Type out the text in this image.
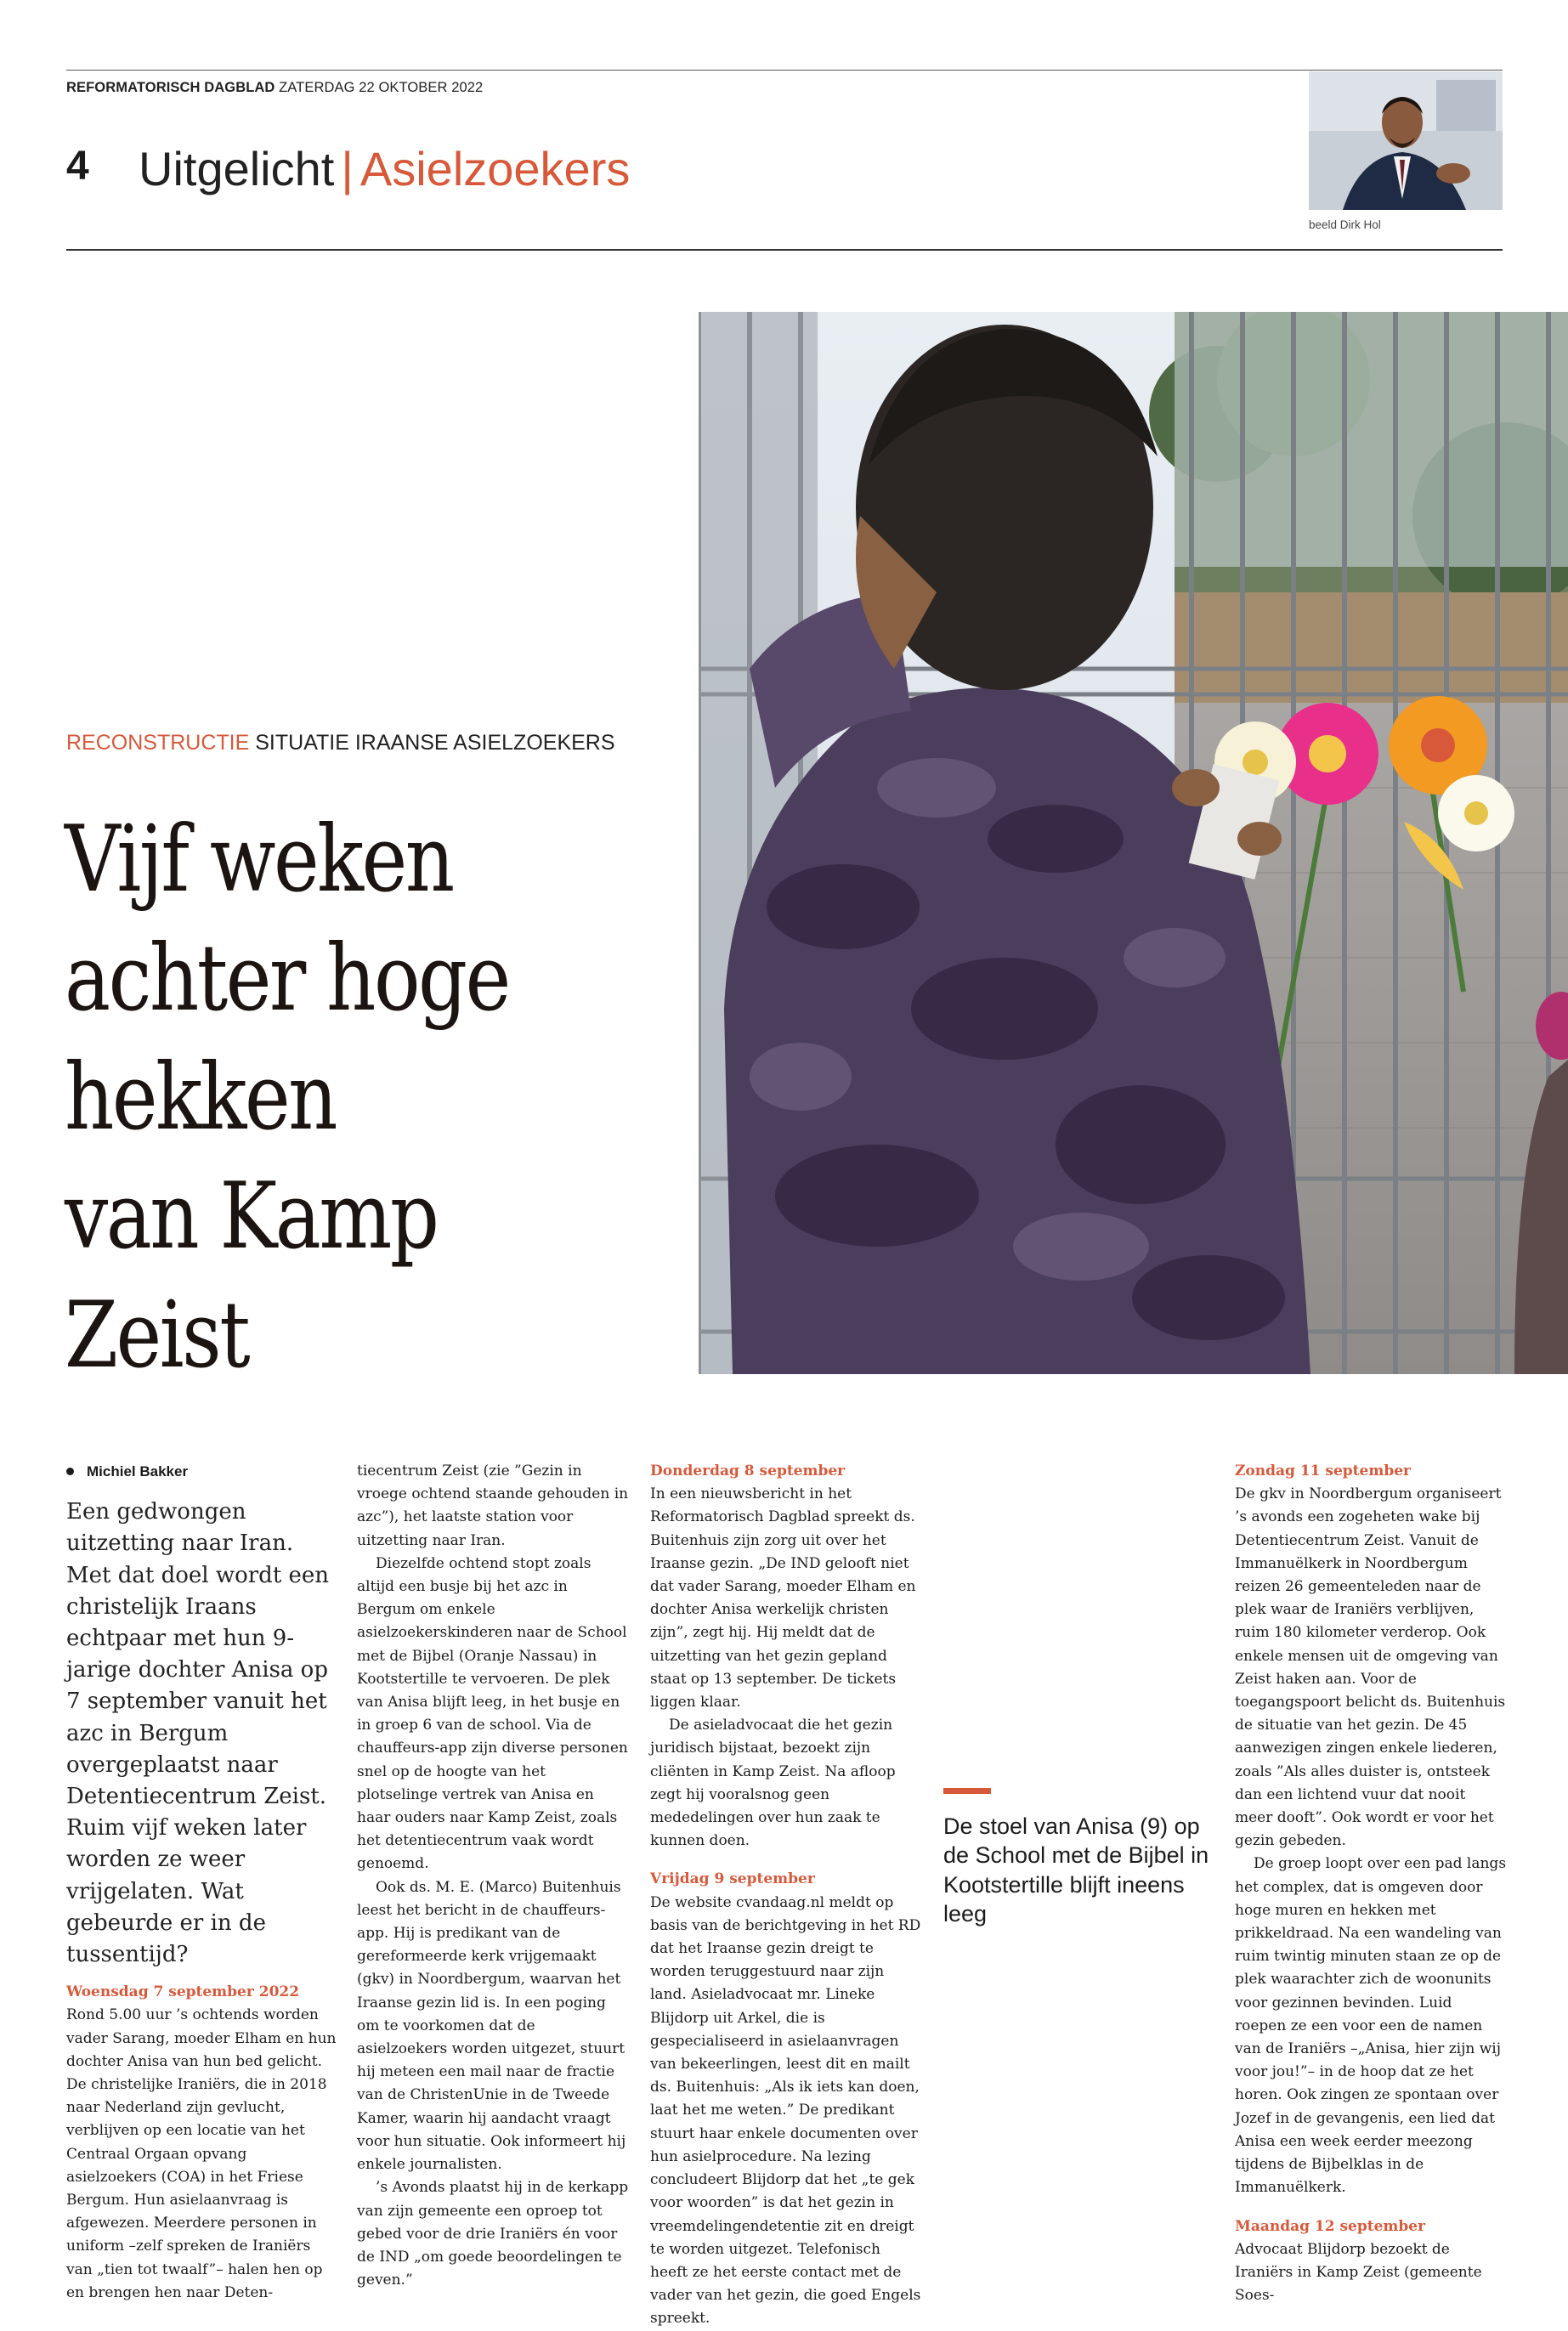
REFORMATORISCH DAGBLAD ZATERDAG 22 OKTOBER 2022
4 Uitgelicht | Asielzoekers
beeld Dirk Hol
RECONSTRUCTIE SITUATIE IRAANSE ASIELZOEKERS
Vijf weken
achter hoge
hekken
van Kamp
Zeist
Michiel Bakker

Een gedwongen uitzetting naar Iran. Met dat doel wordt een christelijk Iraans echtpaar met hun 9-jarige dochter Anisa op 7 september vanuit het azc in Bergum overgeplaatst naar Detentiecentrum Zeist. Ruim vijf weken later worden ze weer vrijgelaten. Wat gebeurde er in de tussentijd?

Woensdag 7 september 2022

Rond 5.00 uur ’s ochtends worden vader Sarang, moeder Elham en hun dochter Anisa van hun bed gelicht. De christelijke Iraniërs, die in 2018 naar Nederland zijn gevlucht, verblijven op een locatie van het Centraal Orgaan opvang asielzoekers (COA) in het Friese Bergum. Hun asielaanvraag is afgewezen. Meerdere personen in uniform –zelf spreken de Iraniërs van „tien tot twaalf”– halen hen op en brengen hen naar Deten-

tiecentrum Zeist (zie ”Gezin in vroege ochtend staande gehouden in azc”), het laatste station voor uitzetting naar Iran.

Diezelfde ochtend stopt zoals altijd een busje bij het azc in Bergum om enkele asielzoekerskinderen naar de School met de Bijbel (Oranje Nassau) in Kootstertille te vervoeren. De plek van Anisa blijft leeg, in het busje en in groep 6 van de school. Via de chauffeurs-app zijn diverse personen snel op de hoogte van het plotselinge vertrek van Anisa en haar ouders naar Kamp Zeist, zoals het detentiecentrum vaak wordt genoemd.

Ook ds. M. E. (Marco) Buitenhuis leest het bericht in de chauffeurs-app. Hij is predikant van de gereformeerde kerk vrijgemaakt (gkv) in Noordbergum, waarvan het Iraanse gezin lid is. In een poging om te voorkomen dat de asielzoekers worden uitgezet, stuurt hij meteen een mail naar de fractie van de ChristenUnie in de Tweede Kamer, waarin hij aandacht vraagt voor hun situatie. Ook informeert hij enkele journalisten.

’s Avonds plaatst hij in de kerkapp van zijn gemeente een oproep tot gebed voor de drie Iraniërs én voor de IND „om goede beoordelingen te geven.”

Donderdag 8 september

In een nieuwsbericht in het Reformatorisch Dagblad spreekt ds. Buitenhuis zijn zorg uit over het Iraanse gezin. „De IND gelooft niet dat vader Sarang, moeder Elham en dochter Anisa werkelijk christen zijn”, zegt hij. Hij meldt dat de uitzetting van het gezin gepland staat op 13 september. De tickets liggen klaar.

De asieladvocaat die het gezin juridisch bijstaat, bezoekt zijn cliënten in Kamp Zeist. Na afloop zegt hij vooralsnog geen mededelingen over hun zaak te kunnen doen.

Vrijdag 9 september

De website cvandaag.nl meldt op basis van de berichtgeving in het RD dat het Iraanse gezin dreigt te worden teruggestuurd naar zijn land. Asieladvocaat mr. Lineke Blijdorp uit Arkel, die is gespecialiseerd in asielaanvragen van bekeerlingen, leest dit en mailt ds. Buitenhuis: „Als ik iets kan doen, laat het me weten.” De predikant stuurt haar enkele documenten over hun asielprocedure. Na lezing concludeert Blijdorp dat het „te gek voor woorden” is dat het gezin in vreemdelingendetentie zit en dreigt te worden uitgezet. Telefonisch heeft ze het eerste contact met de vader van het gezin, die goed Engels spreekt.

De stoel van Anisa (9) op de School met de Bijbel in Kootstertille blijft ineens leeg

Zondag 11 september

De gkv in Noordbergum organiseert ’s avonds een zogeheten wake bij Detentiecentrum Zeist. Vanuit de Immanuëlkerk in Noordbergum reizen 26 gemeenteleden naar de plek waar de Iraniërs verblijven, ruim 180 kilometer verderop. Ook enkele mensen uit de omgeving van Zeist haken aan. Voor de toegangspoort belicht ds. Buitenhuis de situatie van het gezin. De 45 aanwezigen zingen enkele liederen, zoals ”Als alles duister is, ontsteek dan een lichtend vuur dat nooit meer dooft”. Ook wordt er voor het gezin gebeden.

De groep loopt over een pad langs het complex, dat is omgeven door hoge muren en hekken met prikkeldraad. Na een wandeling van ruim twintig minuten staan ze op de plek waarachter zich de woonunits voor gezinnen bevinden. Luid roepen ze een voor een de namen van de Iraniërs –„Anisa, hier zijn wij voor jou!”– in de hoop dat ze het horen. Ook zingen ze spontaan over Jozef in de gevangenis, een lied dat Anisa een week eerder meezong tijdens de Bijbelklas in de Immanuëlkerk.

Maandag 12 september

Advocaat Blijdorp bezoekt de Iraniërs in Kamp Zeist (gemeente Soes-
